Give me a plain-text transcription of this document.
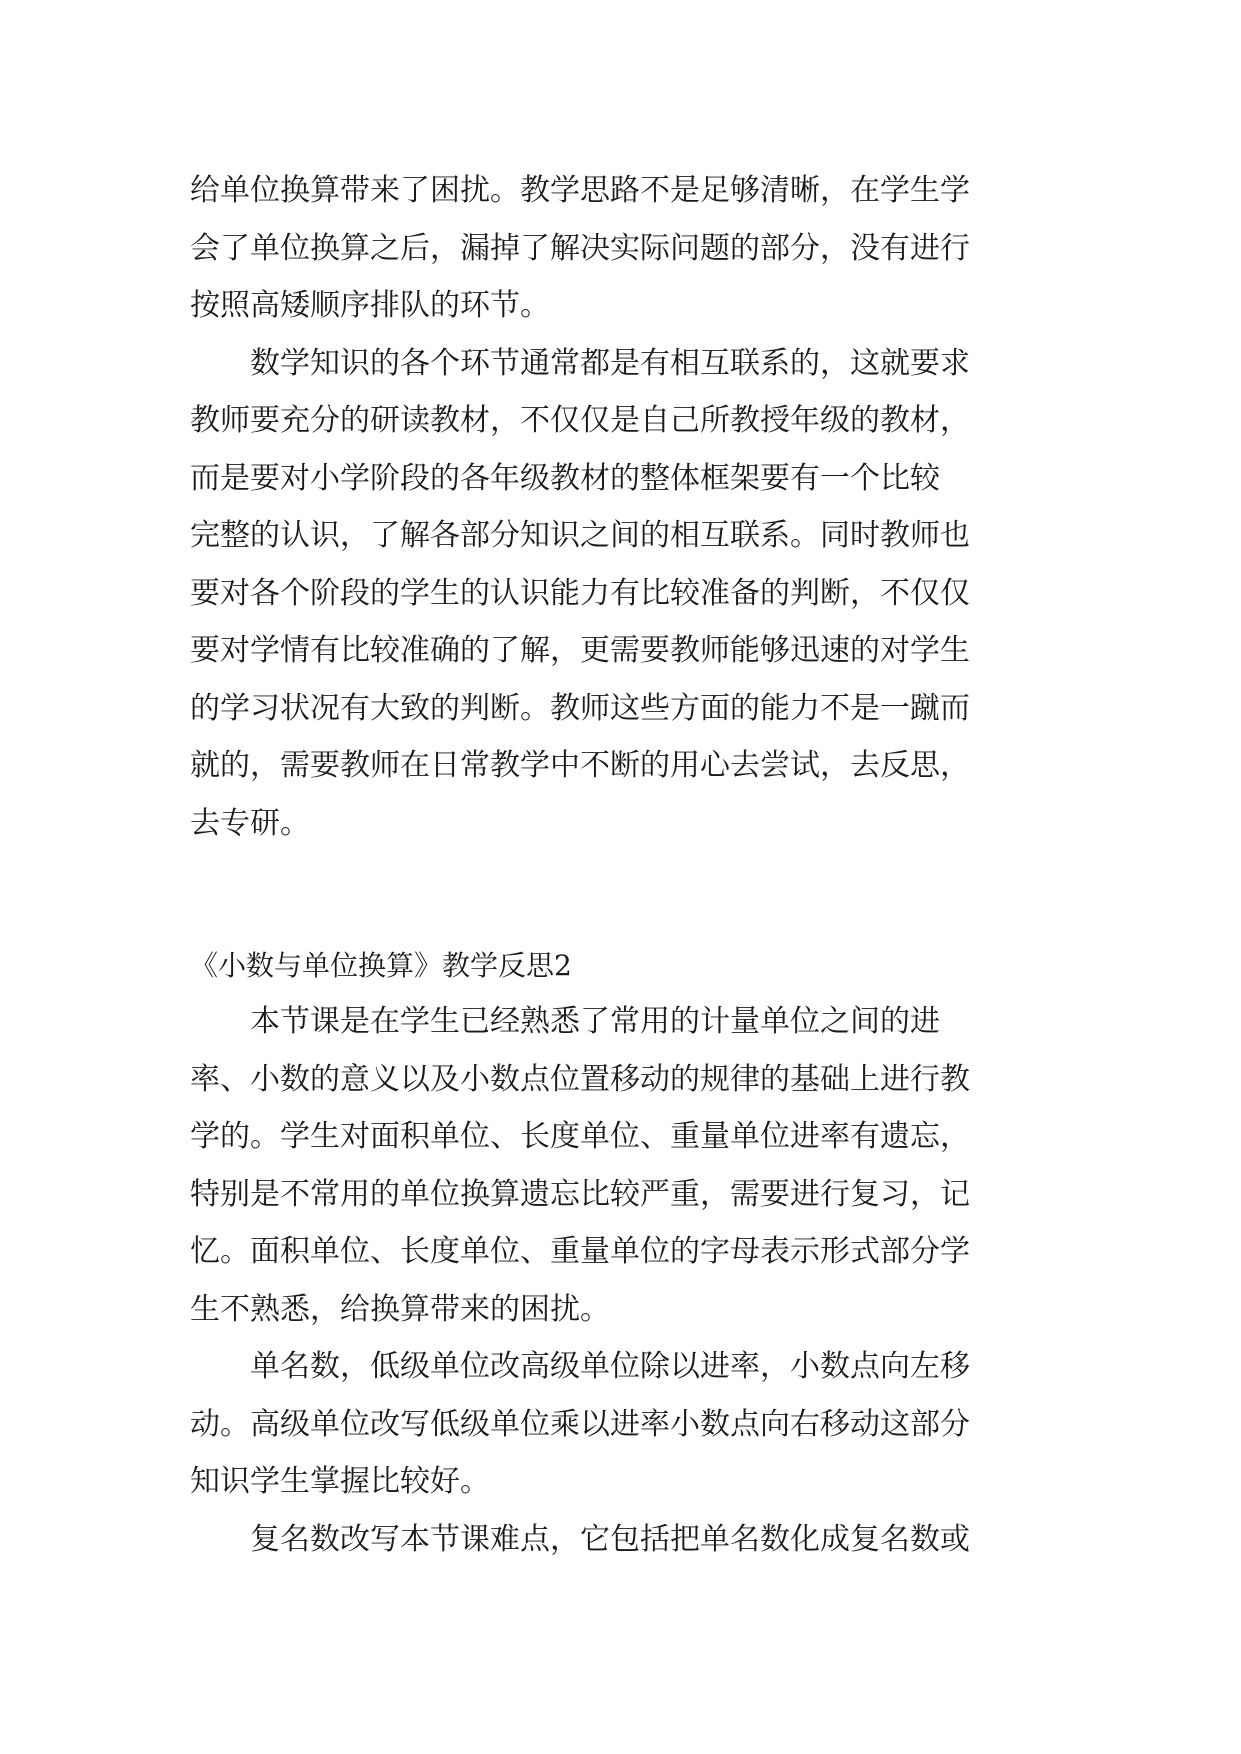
给单位换算带来了困扰。教学思路不是足够清晰，在学生学
会了单位换算之后，漏掉了解决实际问题的部分，没有进行
按照高矮顺序排队的环节。
　　数学知识的各个环节通常都是有相互联系的，这就要求
教师要充分的研读教材，不仅仅是自己所教授年级的教材，
而是要对小学阶段的各年级教材的整体框架要有一个比较
完整的认识，了解各部分知识之间的相互联系。同时教师也
要对各个阶段的学生的认识能力有比较准备的判断，不仅仅
要对学情有比较准确的了解，更需要教师能够迅速的对学生
的学习状况有大致的判断。教师这些方面的能力不是一蹴而
就的，需要教师在日常教学中不断的用心去尝试，去反思，
去专研。
《小数与单位换算》教学反思2
　　本节课是在学生已经熟悉了常用的计量单位之间的进
率、小数的意义以及小数点位置移动的规律的基础上进行教
学的。学生对面积单位、长度单位、重量单位进率有遗忘，
特别是不常用的单位换算遗忘比较严重，需要进行复习，记
忆。面积单位、长度单位、重量单位的字母表示形式部分学
生不熟悉，给换算带来的困扰。
　　单名数，低级单位改高级单位除以进率，小数点向左移
动。高级单位改写低级单位乘以进率小数点向右移动这部分
知识学生掌握比较好。
　　复名数改写本节课难点，它包括把单名数化成复名数或
